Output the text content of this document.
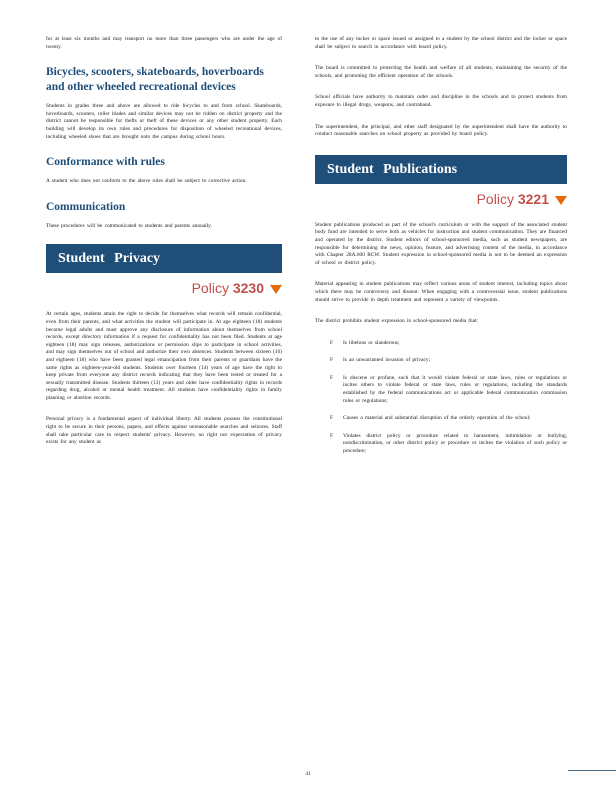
for at least six months and may transport no more than three passengers who are under the age of twenty.

Bicycles, scooters, skateboards, hoverboards and other wheeled recreational devices

Students in grades three and above are allowed to ride bicycles to and from school. Skateboards, hoverboards, scooters, roller blades and similar devices may not be ridden on district property and the district cannot be responsible for thefts or theft of these devices or any other student property. Each building will develop its own rules and procedures for disposition of wheeled recreational devices, including wheeled shoes that are brought onto the campus during school hours.

Conformance with rules

A student who does not conform to the above rules shall be subject to corrective action.

Communication

These procedures will be communicated to students and parents annually.

Student Privacy
Policy 3230

At certain ages, students attain the right to decide for themselves what records will remain confidential, even from their parents, and what activities the student will participate in. At age eighteen (18) students become legal adults and must approve any disclosure of information about themselves from school records, except directory information if a request for confidentiality has not been filed. Students at age eighteen (18) may sign releases, authorizations or permission slips to participate in school activities, and may sign themselves out of school and authorize their own absences. Students between sixteen (16) and eighteen (18) who have been granted legal emancipation from their parents or guardians have the same rights as eighteen-year-old students. Students over fourteen (14) years of age have the right to keep private from everyone any district records indicating that they have been tested or treated for a sexually transmitted disease. Students thirteen (13) years and older have confidentiality rights in records regarding drug, alcohol or mental health treatment. All students have confidentiality rights in family planning or abortion records.

Personal privacy is a fundamental aspect of individual liberty. All students possess the constitutional right to be secure in their persons, papers, and effects against unreasonable searches and seizures. Staff shall take particular care to respect students' privacy. However, no right nor expectation of privacy exists for any student as

to the use of any locker or space issued or assigned to a student by the school district and the locker or space shall be subject to search in accordance with board policy.

The board is committed to protecting the health and welfare of all students, maintaining the security of the schools, and promoting the efficient operation of the schools.

School officials have authority to maintain order and discipline in the schools and to protect students from exposure to illegal drugs, weapons, and contraband.

The superintendent, the principal, and other staff designated by the superintendent shall have the authority to conduct reasonable searches on school property as provided by board policy.

Student Publications
Policy 3221

Student publications produced as part of the school's curriculum or with the support of the associated student body fund are intended to serve both as vehicles for instruction and student communication. They are financed and operated by the district. Student editors of school-sponsored media, such as student newspapers, are responsible for determining the news, opinion, feature, and advertising content of the media, in accordance with Chapter 28A.600 RCW. Student expression in school-sponsored media is not to be deemed an expression of school or district policy.

Material appearing in student publications may reflect various areas of student interest, including topics about which there may be controversy and dissent. When engaging with a controversial issue, student publications should strive to provide in depth treatment and represent a variety of viewpoints.

The district prohibits student expression in school-sponsored media that:

F Is libelous or slanderous;
F Is an unwarranted invasion of privacy;
F Is obscene or profane, such that it would violate federal or state laws, rules or regulations or incites others to violate federal or state laws, rules or regulations, including the standards established by the federal communications act or applicable federal communication commission rules or regulations;
F Causes a material and substantial disruption of the orderly operation of the school;
F Violates district policy or procedure related to harassment, intimidation or bullying, nondiscrimination, or other district policy or procedure or incites the violation of such policy or procedure;
41
